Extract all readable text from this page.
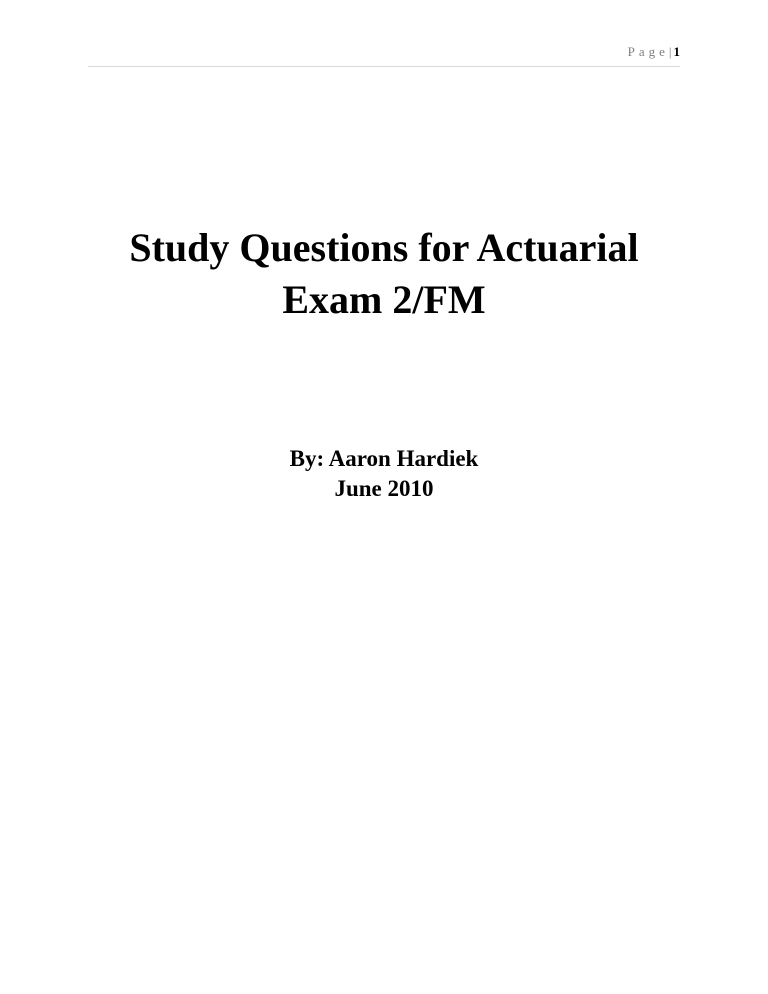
Page | 1
Study Questions for Actuarial
Exam 2/FM
By: Aaron Hardiek
June 2010
